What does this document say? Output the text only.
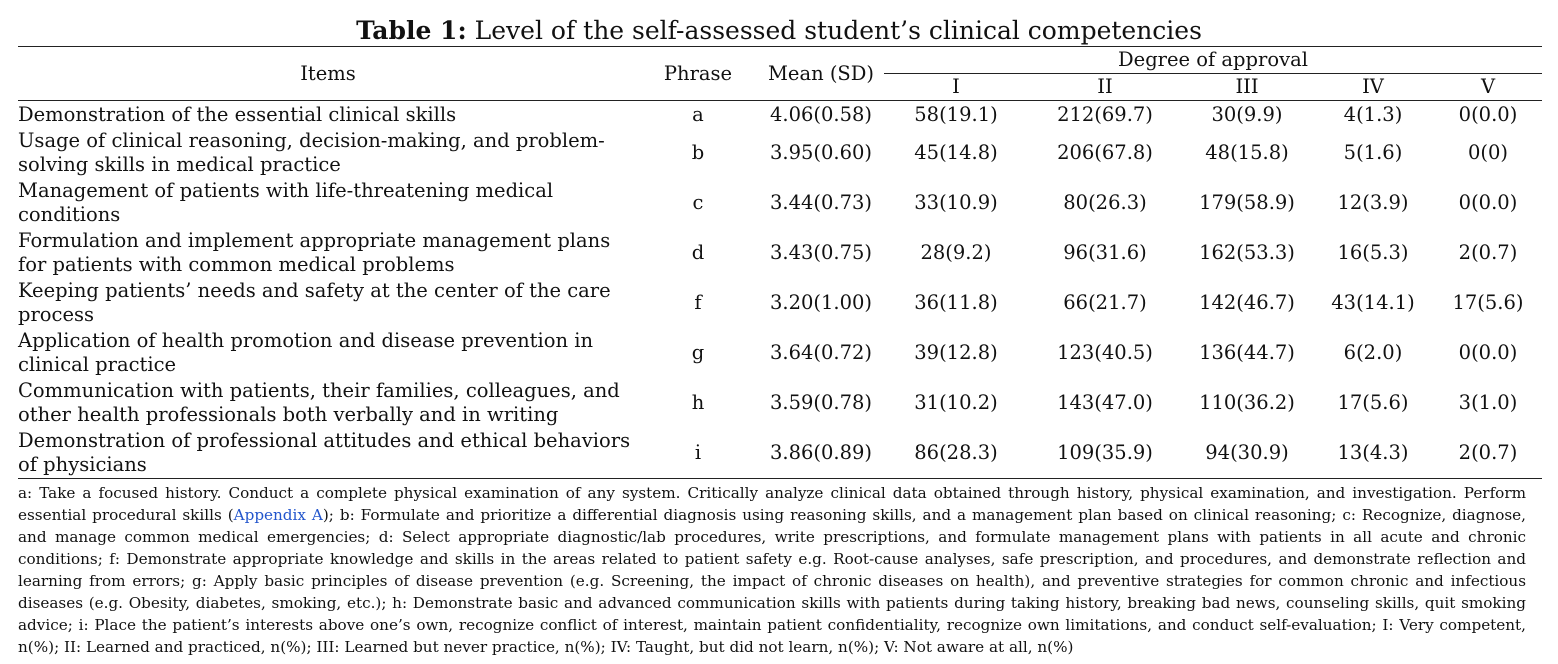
Table 1: Level of the self-assessed student’s clinical competencies
Items	Phrase	Mean (SD)	Degree of approval				
			I	II	III	IV	V
Demonstration of the essential clinical skills	a	4.06(0.58)	58(19.1)	212(69.7)	30(9.9)	4(1.3)	0(0.0)
Usage of clinical reasoning, decision-making, and problem-solving skills in medical practice	b	3.95(0.60)	45(14.8)	206(67.8)	48(15.8)	5(1.6)	0(0)
Management of patients with life-threatening medical conditions	c	3.44(0.73)	33(10.9)	80(26.3)	179(58.9)	12(3.9)	0(0.0)
Formulation and implement appropriate management plans for patients with common medical problems	d	3.43(0.75)	28(9.2)	96(31.6)	162(53.3)	16(5.3)	2(0.7)
Keeping patients’ needs and safety at the center of the care process	f	3.20(1.00)	36(11.8)	66(21.7)	142(46.7)	43(14.1)	17(5.6)
Application of health promotion and disease prevention in clinical practice	g	3.64(0.72)	39(12.8)	123(40.5)	136(44.7)	6(2.0)	0(0.0)
Communication with patients, their families, colleagues, and other health professionals both verbally and in writing	h	3.59(0.78)	31(10.2)	143(47.0)	110(36.2)	17(5.6)	3(1.0)
Demonstration of professional attitudes and ethical behaviors of physicians	i	3.86(0.89)	86(28.3)	109(35.9)	94(30.9)	13(4.3)	2(0.7)
a: Take a focused history. Conduct a complete physical examination of any system. Critically analyze clinical data obtained through history, physical examination, and investigation. Perform essential procedural skills (Appendix A); b: Formulate and prioritize a differential diagnosis using reasoning skills, and a management plan based on clinical reasoning; c: Recognize, diagnose, and manage common medical emergencies; d: Select appropriate diagnostic/lab procedures, write prescriptions, and formulate management plans with patients in all acute and chronic conditions; f: Demonstrate appropriate knowledge and skills in the areas related to patient safety e.g. Root-cause analyses, safe prescription, and procedures, and demonstrate reflection and learning from errors; g: Apply basic principles of disease prevention (e.g. Screening, the impact of chronic diseases on health), and preventive strategies for common chronic and infectious diseases (e.g. Obesity, diabetes, smoking, etc.); h: Demonstrate basic and advanced communication skills with patients during taking history, breaking bad news, counseling skills, quit smoking advice; i: Place the patient’s interests above one’s own, recognize conflict of interest, maintain patient confidentiality, recognize own limitations, and conduct self-evaluation; I: Very competent, n(%); II: Learned and practiced, n(%); III: Learned but never practice, n(%); IV: Taught, but did not learn, n(%); V: Not aware at all, n(%)
